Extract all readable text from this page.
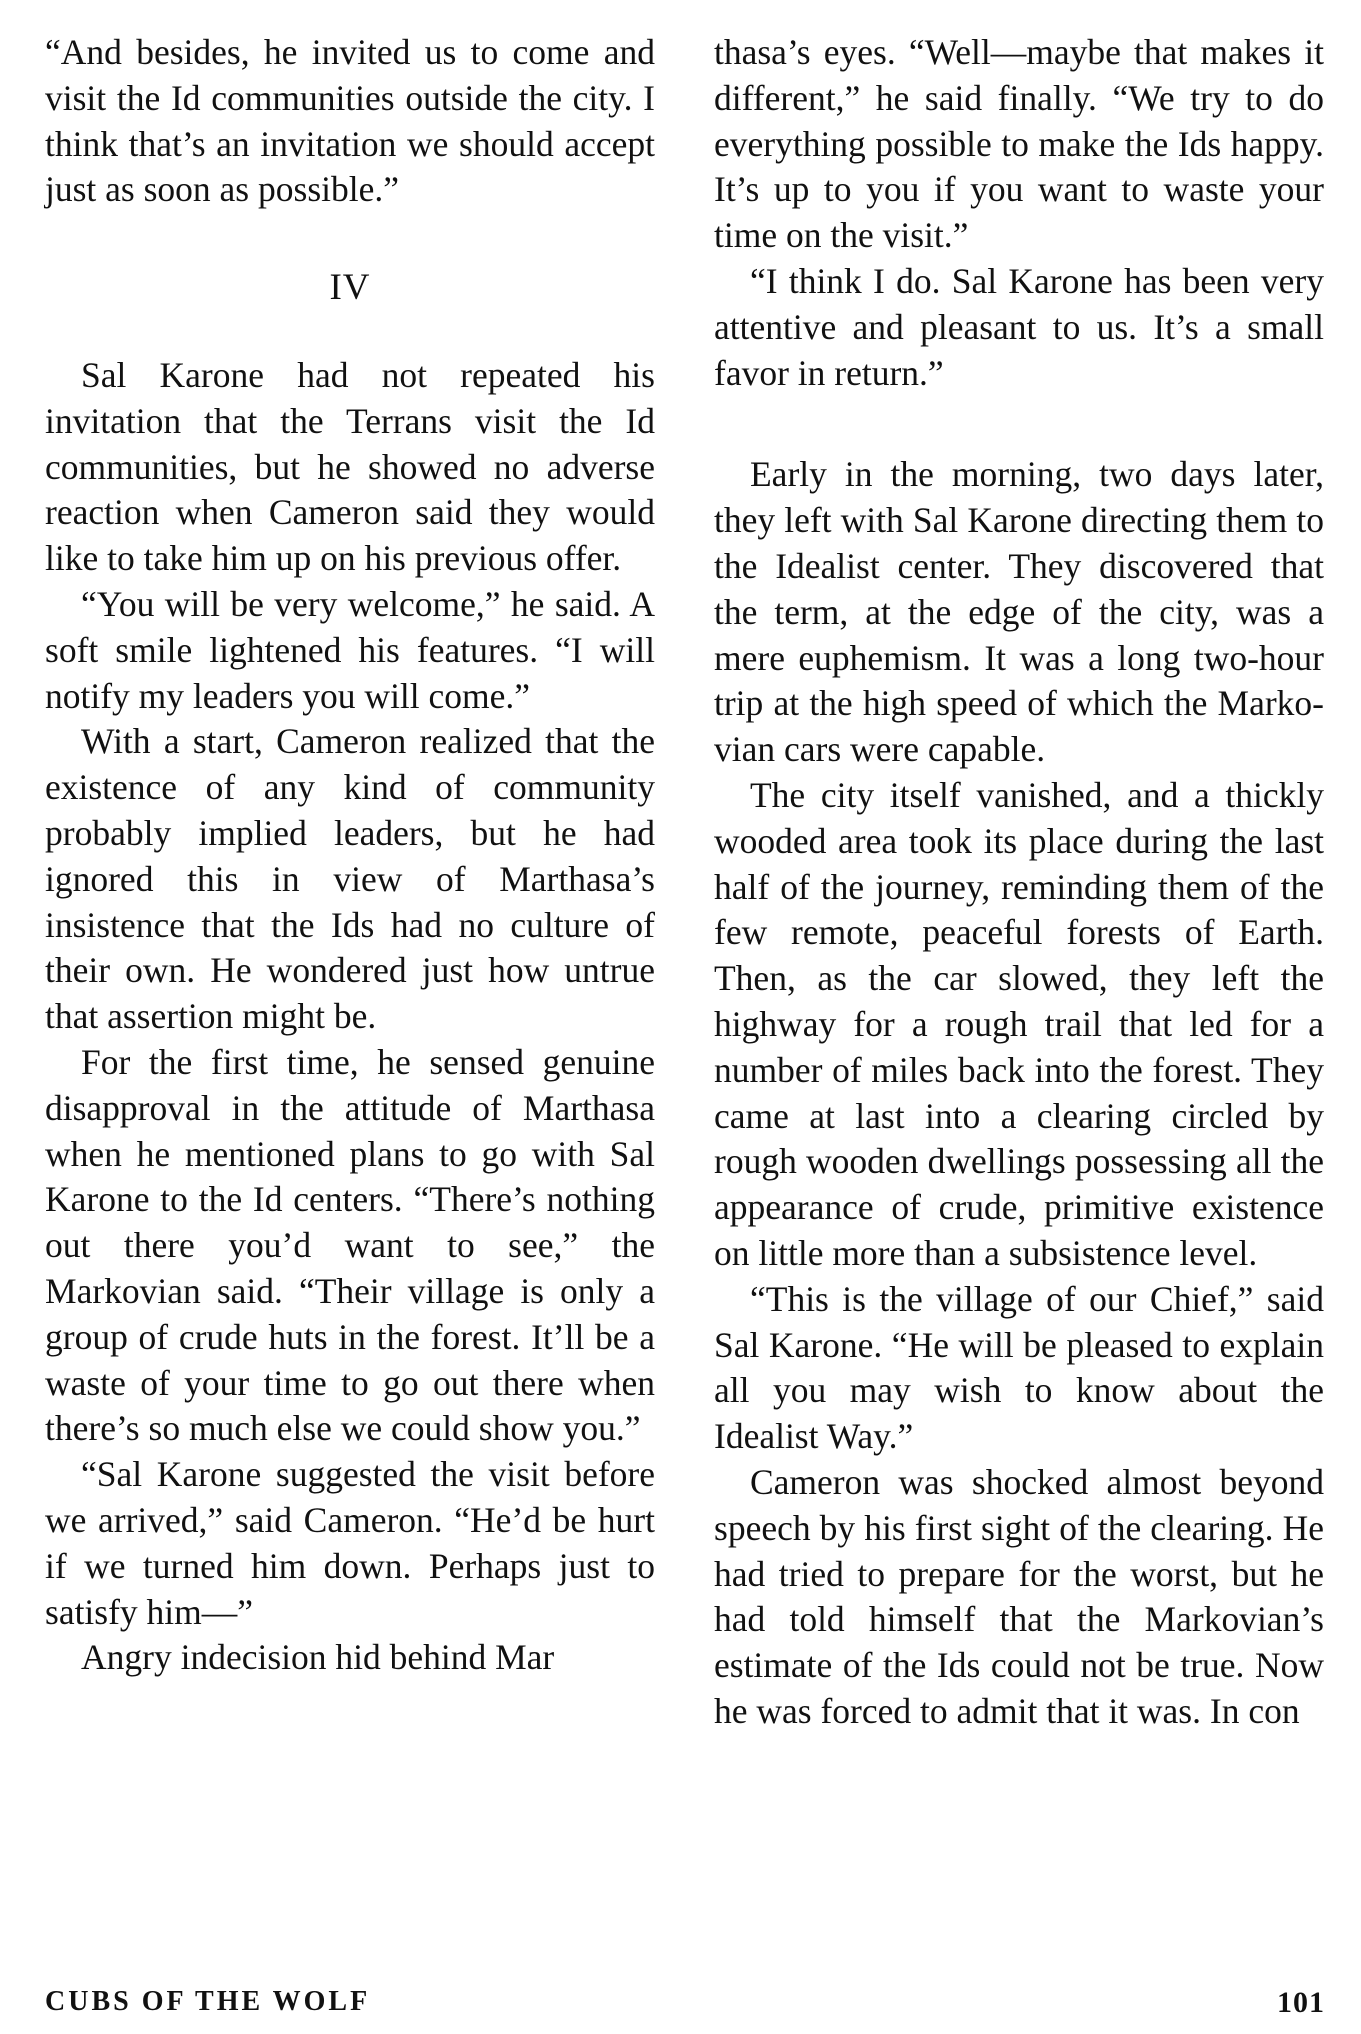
“And besides, he invited us to come and visit the Id communities outside the city. I think that’s an invitation we should accept just as soon as possible.”

IV

Sal Karone had not repeated his invitation that the Terrans visit the Id communities, but he showed no adverse reaction when Cameron said they would like to take him up on his previous offer.

“You will be very welcome,” he said. A soft smile lightened his features. “I will notify my leaders you will come.”

With a start, Cameron realized that the existence of any kind of community probably implied leaders, but he had ignored this in view of Marthasa’s insistence that the Ids had no culture of their own. He wondered just how untrue that assertion might be.

For the first time, he sensed genuine disapproval in the attitude of Marthasa when he mentioned plans to go with Sal Karone to the Id centers. “There’s nothing out there you’d want to see,” the Markovian said. “Their village is only a group of crude huts in the forest. It’ll be a waste of your time to go out there when there’s so much else we could show you.”

“Sal Karone suggested the visit before we arrived,” said Cameron. “He’d be hurt if we turned him down. Perhaps just to satisfy him—”

Angry indecision hid behind Mar

thasa’s eyes. “Well—maybe that makes it different,” he said finally. “We try to do everything possible to make the Ids happy. It’s up to you if you want to waste your time on the visit.”

“I think I do. Sal Karone has been very attentive and pleasant to us. It’s a small favor in return.”

Early in the morning, two days later, they left with Sal Karone directing them to the Idealist center. They discovered that the term, at the edge of the city, was a mere euphemism. It was a long two-hour trip at the high speed of which the Markovian cars were capable.

The city itself vanished, and a thickly wooded area took its place during the last half of the journey, reminding them of the few remote, peaceful forests of Earth. Then, as the car slowed, they left the highway for a rough trail that led for a number of miles back into the forest. They came at last into a clearing circled by rough wooden dwellings possessing all the appearance of crude, primitive existence on little more than a subsistence level.

“This is the village of our Chief,” said Sal Karone. “He will be pleased to explain all you may wish to know about the Idealist Way.”

Cameron was shocked almost beyond speech by his first sight of the clearing. He had tried to prepare for the worst, but he had told himself that the Markovian’s estimate of the Ids could not be true. Now he was forced to admit that it was. In con

CUBS OF THE WOLF	101
